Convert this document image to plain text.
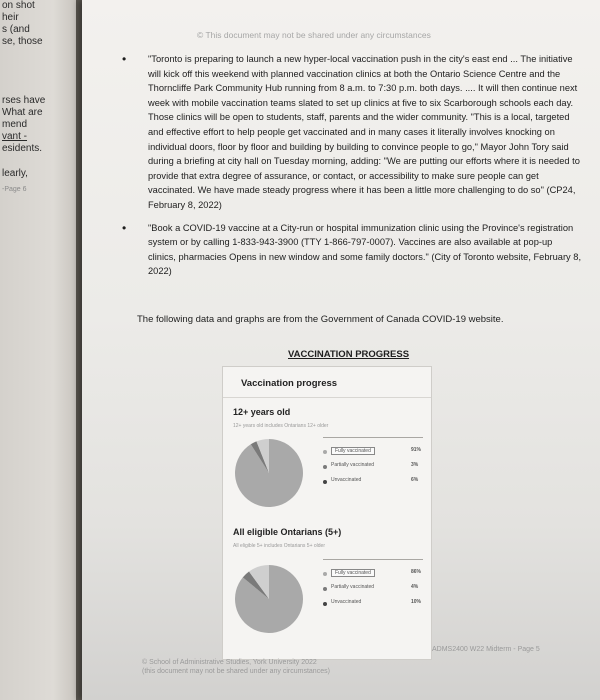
on shot
heir
s (and
se, those
rses have
What are
mend
vant -
esidents.
learly,
-Page 6
© This document may not be shared under any circumstances
• "Toronto is preparing to launch a new hyper-local vaccination push in the city's east end ... The initiative will kick off this weekend with planned vaccination clinics at both the Ontario Science Centre and the Thorncliffe Park Community Hub running from 8 a.m. to 7:30 p.m. both days. .... It will then continue next week with mobile vaccination teams slated to set up clinics at five to six Scarborough schools each day. Those clinics will be open to students, staff, parents and the wider community. "This is a local, targeted and effective effort to help people get vaccinated and in many cases it literally involves knocking on individual doors, floor by floor and building by building to convince people to go," Mayor John Tory said during a briefing at city hall on Tuesday morning, adding: "We are putting our efforts where it is needed to provide that extra degree of assurance, or contact, or accessibility to make sure people can get vaccinated. We have made steady progress where it has been a little more challenging to do so" (CP24, February 8, 2022)
• "Book a COVID-19 vaccine at a City-run or hospital immunization clinic using the Province's registration system or by calling 1-833-943-3900 (TTY 1-866-797-0007). Vaccines are also available at pop-up clinics, pharmacies Opens in new window and some family doctors." (City of Toronto website, February 8, 2022)
The following data and graphs are from the Government of Canada COVID-19 website.
VACCINATION PROGRESS
Vaccination progress
12+ years old
12+ years old includes Ontarians 12+ older
Fully vaccinated	91%
Partially vaccinated	3%
Unvaccinated	6%
All eligible Ontarians (5+)
All eligible 5+ includes Ontarians 5+ older
Fully vaccinated	86%
Partially vaccinated	4%
Unvaccinated	10%
© School of Administrative Studies, York University 2022
(this document may not be shared under any circumstances)
ADMS2400 W22 Midterm - Page 5
